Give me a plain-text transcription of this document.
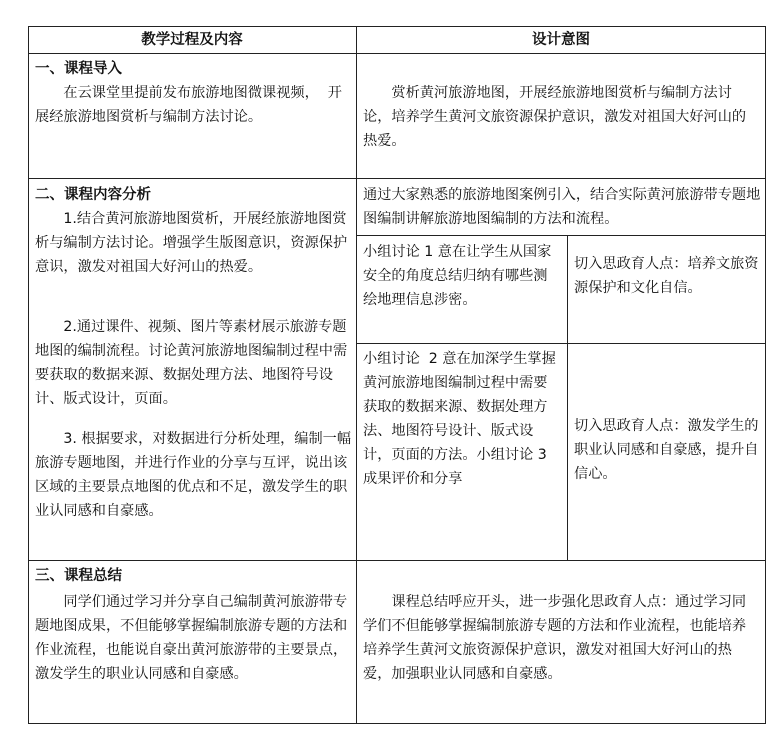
教学过程及内容	设计意图
一、课程导入
在云课堂里提前发布旅游地图微课视频，  开展经旅游地图赏析与编制方法讨论。
赏析黄河旅游地图，开展经旅游地图赏析与编制方法讨论，培养学生黄河文旅资源保护意识，激发对祖国大好河山的热爱。
二、课程内容分析
1.结合黄河旅游地图赏析，开展经旅游地图赏析与编制方法讨论。增强学生版图意识，资源保护意识，激发对祖国大好河山的热爱。
2.通过课件、视频、图片等素材展示旅游专题地图的编制流程。讨论黄河旅游地图编制过程中需要获取的数据来源、数据处理方法、地图符号设计、版式设计，页面。
3. 根据要求，对数据进行分析处理，编制一幅旅游专题地图，并进行作业的分享与互评，说出该区域的主要景点地图的优点和不足，激发学生的职业认同感和自豪感。
通过大家熟悉的旅游地图案例引入，结合实际黄河旅游带专题地图编制讲解旅游地图编制的方法和流程。
小组讨论 1 意在让学生从国家安全的角度总结归纳有哪些测绘地理信息涉密。
切入思政育人点：培养文旅资源保护和文化自信。
小组讨论  2 意在加深学生掌握黄河旅游地图编制过程中需要获取的数据来源、数据处理方法、地图符号设计、版式设计，页面的方法。小组讨论 3 成果评价和分享
切入思政育人点：激发学生的职业认同感和自豪感，提升自信心。
三、课程总结
同学们通过学习并分享自己编制黄河旅游带专题地图成果，不但能够掌握编制旅游专题的方法和作业流程，也能说自豪出黄河旅游带的主要景点，激发学生的职业认同感和自豪感。
课程总结呼应开头，进一步强化思政育人点：通过学习同学们不但能够掌握编制旅游专题的方法和作业流程，也能培养培养学生黄河文旅资源保护意识，激发对祖国大好河山的热爱，加强职业认同感和自豪感。
